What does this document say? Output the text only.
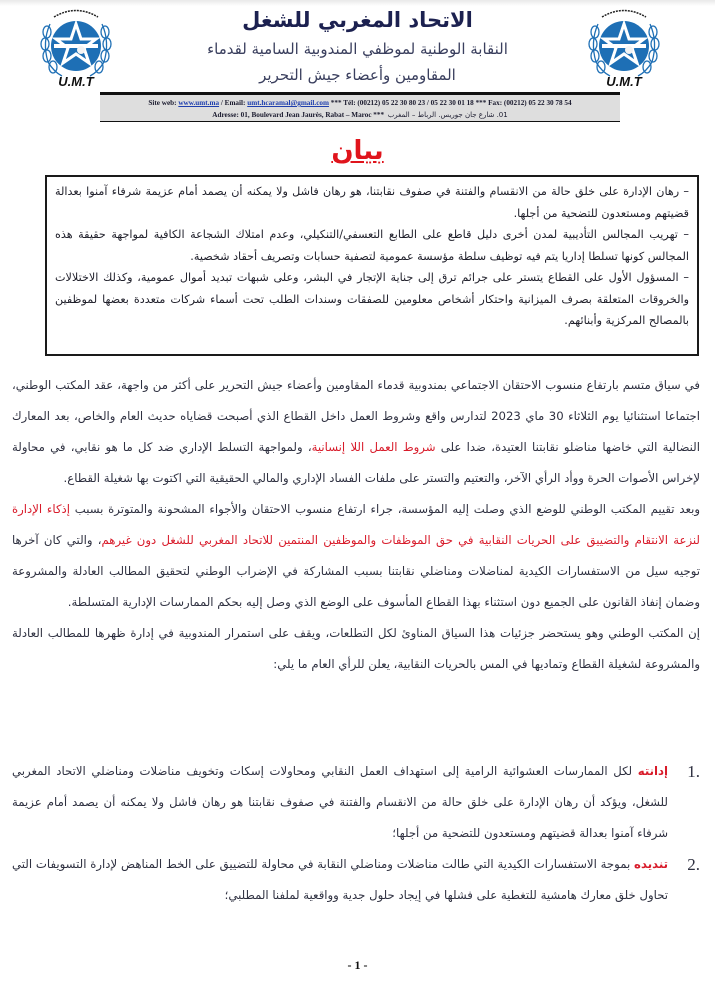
U.M.T	U.M.T
الاتحاد المغربي للشغل
النقابة الوطنية لموظفي المندوبية السامية لقدماء
المقاومين وأعضاء جيش التحرير
Site web: www.umt.ma / Email: umt.hcaramal@gmail.com *** Tél: (00212) 05 22 30 80 23 / 05 22 30 01 18 *** Fax: (00212) 05 22 30 78 54
Adresse: 01, Boulevard Jean Jaurès, Rabat – Maroc *** 01. شارع جان جوريس. الرباط – المغرب
بيان

– رهان الإدارة على خلق حالة من الانقسام والفتنة في صفوف نقابتنا، هو رهان فاشل ولا يمكنه أن يصمد أمام عزيمة شرفاء آمنوا بعدالة قضيتهم ومستعدون للتضحية من أجلها.

– تهريب المجالس التأديبية لمدن أخرى دليل قاطع على الطابع التعسفي/التنكيلي، وعدم امتلاك الشجاعة الكافية لمواجهة حقيقة هذه المجالس كونها تسلطا إداريا يتم فيه توظيف سلطة مؤسسة عمومية لتصفية حسابات وتصريف أحقاد شخصية.

– المسؤول الأول على القطاع يتستر على جرائم ترق إلى جناية الإتجار في البشر، وعلى شبهات تبديد أموال عمومية، وكذلك الاختلالات والخروقات المتعلقة بصرف الميزانية واحتكار أشخاص معلومين للصفقات وسندات الطلب تحت أسماء شركات متعددة بعضها لموظفين بالمصالح المركزية وأبنائهم.

في سياق متسم بارتفاع منسوب الاحتقان الاجتماعي بمندوبية قدماء المقاومين وأعضاء جيش التحرير على أكثر من واجهة، عقد المكتب الوطني، اجتماعا استثنائيا يوم الثلاثاء 30 ماي 2023 لتدارس واقع وشروط العمل داخل القطاع الذي أصبحت قضاياه حديث العام والخاص، بعد المعارك النضالية التي خاضها مناضلو نقابتنا العتيدة، ضدا على شروط العمل اللا إنسانية، ولمواجهة التسلط الإداري ضد كل ما هو نقابي، في محاولة لإخراس الأصوات الحرة ووأد الرأي الآخر، والتعتيم والتستر على ملفات الفساد الإداري والمالي الحقيقية التي اكتوت بها شغيلة القطاع.

وبعد تقييم المكتب الوطني للوضع الذي وصلت إليه المؤسسة، جراء ارتفاع منسوب الاحتقان والأجواء المشحونة والمتوترة بسبب إذكاء الإدارة لنزعة الانتقام والتضييق على الحريات النقابية في حق الموظفات والموظفين المنتمين للاتحاد المغربي للشغل دون غيرهم، والتي كان آخرها توجيه سيل من الاستفسارات الكيدية لمناضلات ومناضلي نقابتنا بسبب المشاركة في الإضراب الوطني لتحقيق المطالب العادلة والمشروعة وضمان إنفاذ القانون على الجميع دون استثناء بهذا القطاع المأسوف على الوضع الذي وصل إليه بحكم الممارسات الإدارية المتسلطة.

إن المكتب الوطني وهو يستحضر جزئيات هذا السياق المناوئ لكل التطلعات، ويقف على استمرار المندوبية في إدارة ظهرها للمطالب العادلة والمشروعة لشغيلة القطاع وتماديها في المس بالحريات النقابية، يعلن للرأي العام ما يلي:

1.
إدانته لكل الممارسات العشوائية الرامية إلى استهداف العمل النقابي ومحاولات إسكات وتخويف مناضلات ومناضلي الاتحاد المغربي للشغل، ويؤكد أن رهان الإدارة على خلق حالة من الانقسام والفتنة في صفوف نقابتنا هو رهان فاشل ولا يمكنه أن يصمد أمام عزيمة شرفاء آمنوا بعدالة قضيتهم ومستعدون للتضحية من أجلها؛
2.
تنديده بموجة الاستفسارات الكيدية التي طالت مناضلات ومناضلي النقابة في محاولة للتضييق على الخط المناهض لإدارة التسويفات التي تحاول خلق معارك هامشية للتغطية على فشلها في إيجاد حلول جدية وواقعية لملفنا المطلبي؛
- 1 -
